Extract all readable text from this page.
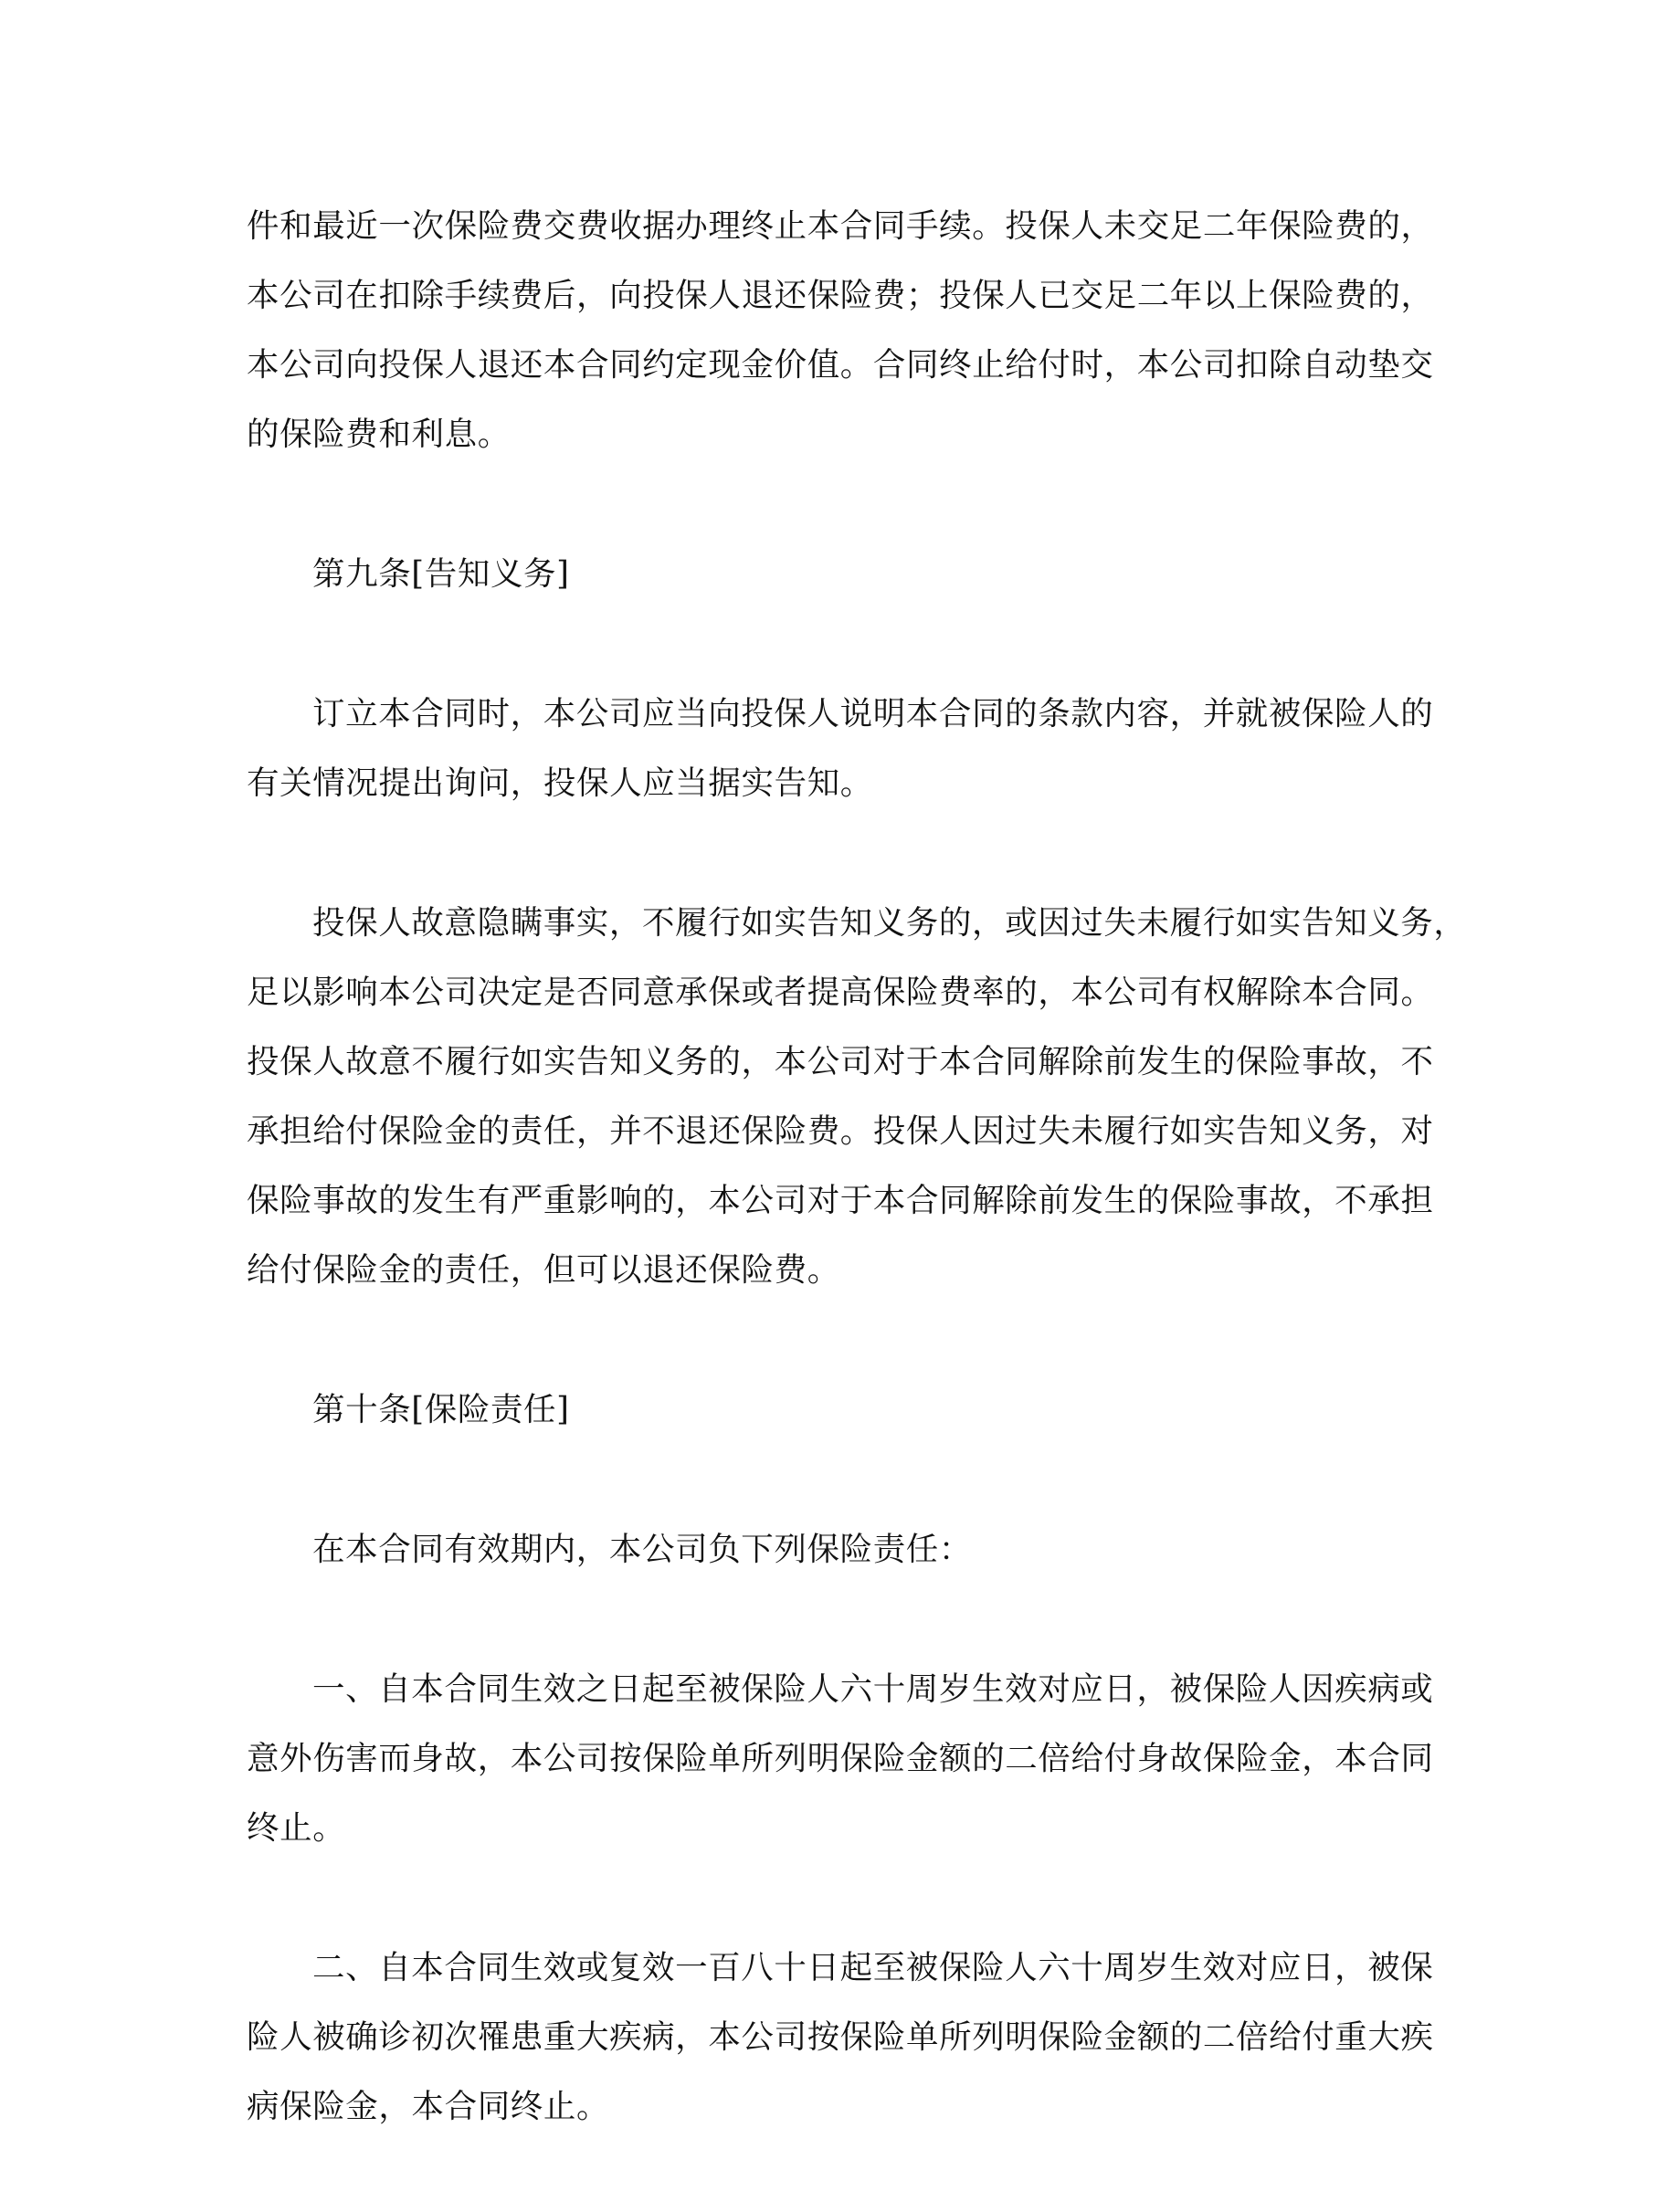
件和最近一次保险费交费收据办理终止本合同手续。投保人未交足二年保险费的，
本公司在扣除手续费后，向投保人退还保险费；投保人已交足二年以上保险费的，
本公司向投保人退还本合同约定现金价值。合同终止给付时，本公司扣除自动垫交
的保险费和利息。
第九条[告知义务]
订立本合同时，本公司应当向投保人说明本合同的条款内容，并就被保险人的
有关情况提出询问，投保人应当据实告知。
投保人故意隐瞒事实，不履行如实告知义务的，或因过失未履行如实告知义务，
足以影响本公司决定是否同意承保或者提高保险费率的，本公司有权解除本合同。
投保人故意不履行如实告知义务的，本公司对于本合同解除前发生的保险事故，不
承担给付保险金的责任，并不退还保险费。投保人因过失未履行如实告知义务，对
保险事故的发生有严重影响的，本公司对于本合同解除前发生的保险事故，不承担
给付保险金的责任，但可以退还保险费。
第十条[保险责任]
在本合同有效期内，本公司负下列保险责任：
一、自本合同生效之日起至被保险人六十周岁生效对应日，被保险人因疾病或
意外伤害而身故，本公司按保险单所列明保险金额的二倍给付身故保险金，本合同
终止。
二、自本合同生效或复效一百八十日起至被保险人六十周岁生效对应日，被保
险人被确诊初次罹患重大疾病，本公司按保险单所列明保险金额的二倍给付重大疾
病保险金，本合同终止。
